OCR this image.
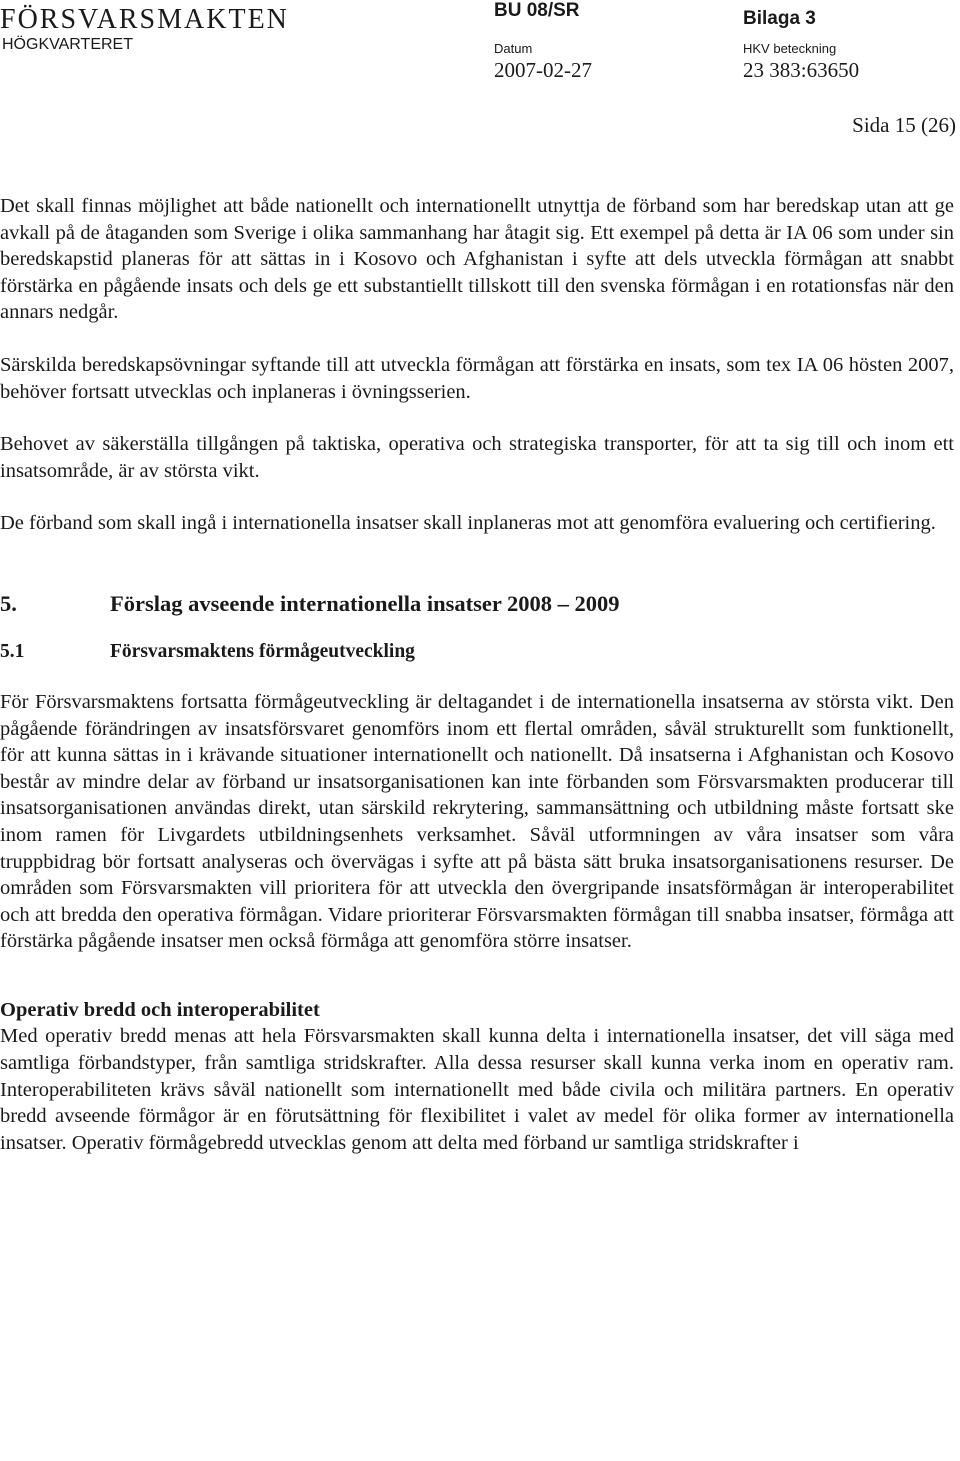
FÖRSVARSMAKTEN
HÖGKVARTERET
BU 08/SR	Bilaga 3
Datum	HKV beteckning
2007-02-27	23 383:63650
Sida 15 (26)

Det skall finnas möjlighet att både nationellt och internationellt utnyttja de förband som har beredskap utan att ge avkall på de åtaganden som Sverige i olika sammanhang har åtagit sig. Ett exempel på detta är IA 06 som under sin beredskapstid planeras för att sättas in i Kosovo och Afghanistan i syfte att dels utveckla förmågan att snabbt förstärka en pågående insats och dels ge ett substantiellt tillskott till den svenska förmågan i en rotationsfas när den annars nedgår.

Särskilda beredskapsövningar syftande till att utveckla förmågan att förstärka en insats, som tex IA 06 hösten 2007, behöver fortsatt utvecklas och inplaneras i övningsserien.

Behovet av säkerställa tillgången på taktiska, operativa och strategiska transporter, för att ta sig till och inom ett insatsområde, är av största vikt.

De förband som skall ingå i internationella insatser skall inplaneras mot att genomföra evaluering och certifiering.

5.	Förslag avseende internationella insatser 2008 – 2009
5.1	Försvarsmaktens förmågeutveckling

För Försvarsmaktens fortsatta förmågeutveckling är deltagandet i de internationella insatserna av största vikt. Den pågående förändringen av insatsförsvaret genomförs inom ett flertal områden, såväl strukturellt som funktionellt, för att kunna sättas in i krävande situationer internationellt och nationellt. Då insatserna i Afghanistan och Kosovo består av mindre delar av förband ur insatsorganisationen kan inte förbanden som Försvarsmakten producerar till insatsorganisationen användas direkt, utan särskild rekrytering, sammansättning och utbildning måste fortsatt ske inom ramen för Livgardets utbildningsenhets verksamhet. Såväl utformningen av våra insatser som våra truppbidrag bör fortsatt analyseras och övervägas i syfte att på bästa sätt bruka insatsorganisationens resurser. De områden som Försvarsmakten vill prioritera för att utveckla den övergripande insatsförmågan är interoperabilitet och att bredda den operativa förmågan. Vidare prioriterar Försvarsmakten förmågan till snabba insatser, förmåga att förstärka pågående insatser men också förmåga att genomföra större insatser.

Operativ bredd och interoperabilitet

Med operativ bredd menas att hela Försvarsmakten skall kunna delta i internationella insatser, det vill säga med samtliga förbandstyper, från samtliga stridskrafter. Alla dessa resurser skall kunna verka inom en operativ ram. Interoperabiliteten krävs såväl nationellt som internationellt med både civila och militära partners. En operativ bredd avseende förmågor är en förutsättning för flexibilitet i valet av medel för olika former av internationella insatser. Operativ förmågebredd utvecklas genom att delta med förband ur samtliga stridskrafter i
